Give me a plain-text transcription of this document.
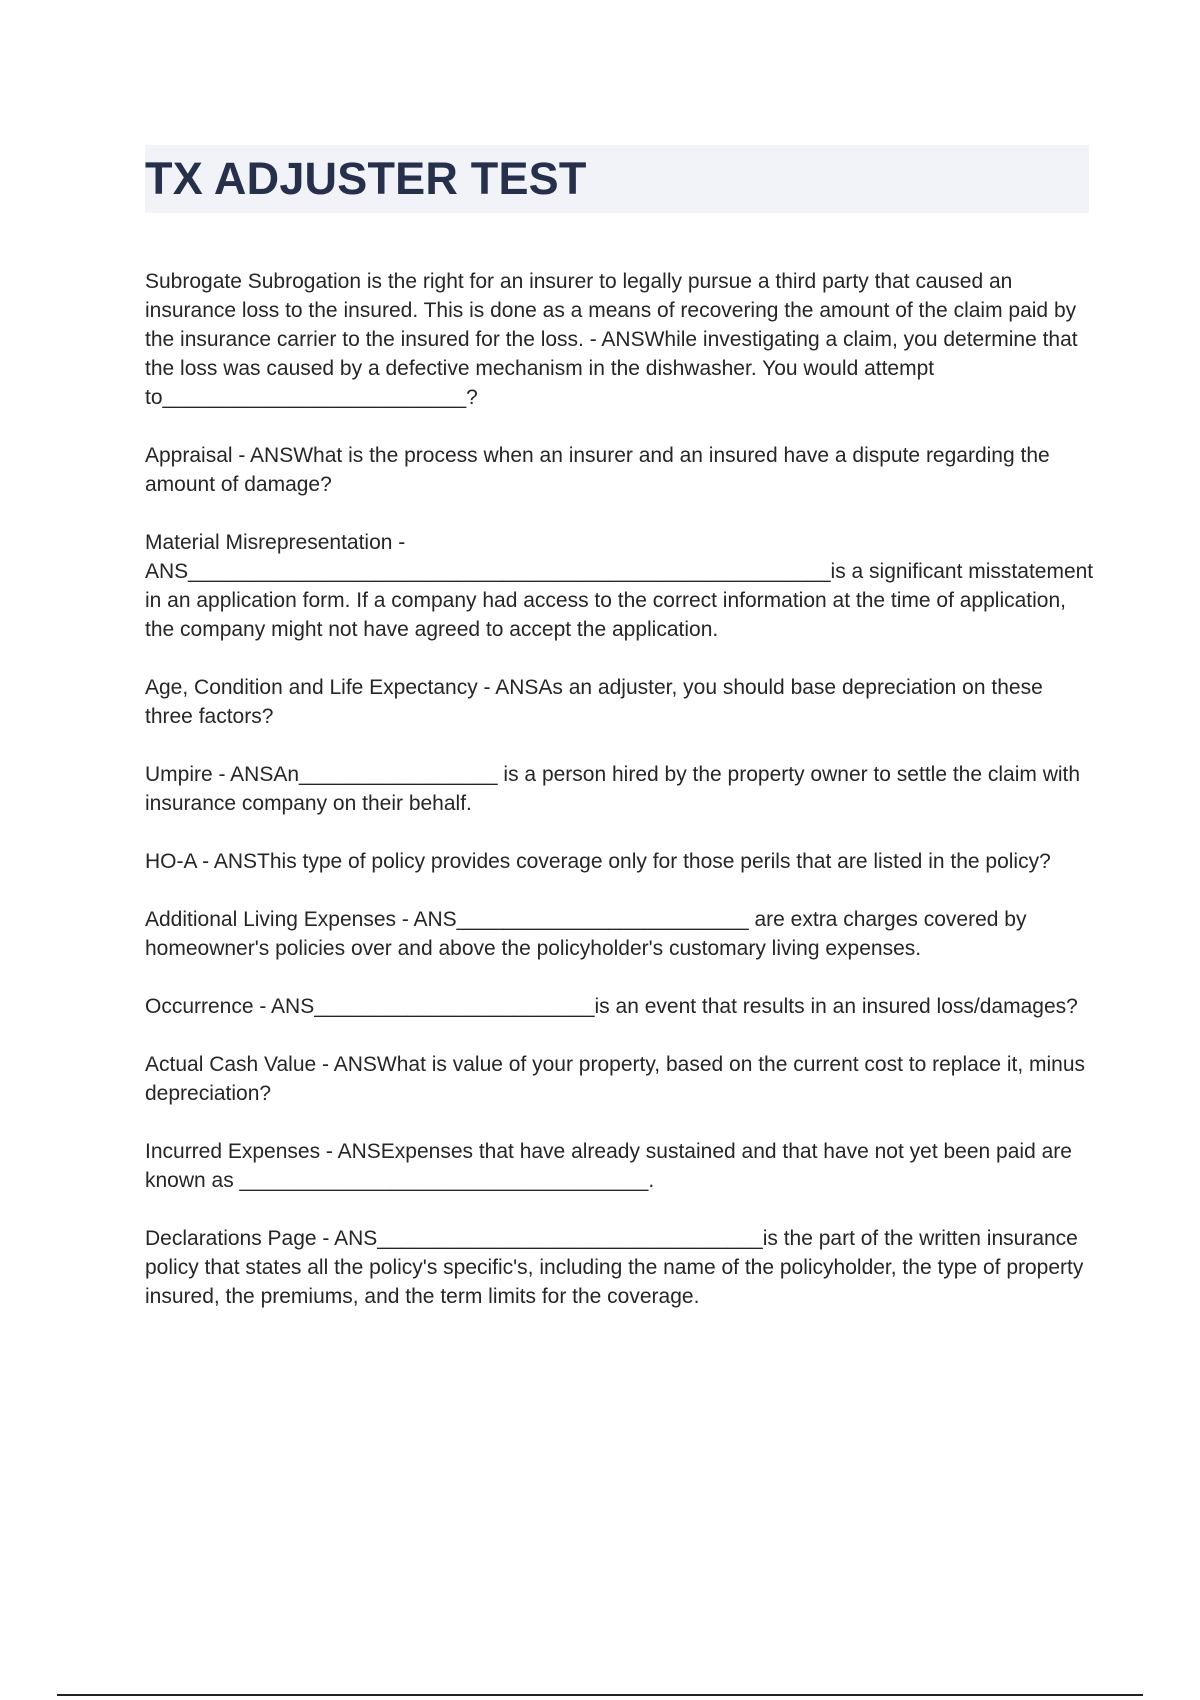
TX ADJUSTER TEST

Subrogate Subrogation is the right for an insurer to legally pursue a third party that caused an insurance loss to the insured. This is done as a means of recovering the amount of the claim paid by the insurance carrier to the insured for the loss. - ANSWhile investigating a claim, you determine that the loss was caused by a defective mechanism in the dishwasher. You would attempt to__________________________?

Appraisal - ANSWhat is the process when an insurer and an insured have a dispute regarding the amount of damage?

Material Misrepresentation - ANS_______________________________________________________is a significant misstatement in an application form. If a company had access to the correct information at the time of application, the company might not have agreed to accept the application.

Age, Condition and Life Expectancy - ANSAs an adjuster, you should base depreciation on these three factors?

Umpire - ANSAn_________________ is a person hired by the property owner to settle the claim with insurance company on their behalf.

HO-A - ANSThis type of policy provides coverage only for those perils that are listed in the policy?

Additional Living Expenses - ANS_________________________ are extra charges covered by homeowner's policies over and above the policyholder's customary living expenses.

Occurrence - ANS________________________is an event that results in an insured loss/damages?

Actual Cash Value - ANSWhat is value of your property, based on the current cost to replace it, minus depreciation?

Incurred Expenses - ANSExpenses that have already sustained and that have not yet been paid are known as ___________________________________.

Declarations Page - ANS_________________________________is the part of the written insurance policy that states all the policy's specific's, including the name of the policyholder, the type of property insured, the premiums, and the term limits for the coverage.
